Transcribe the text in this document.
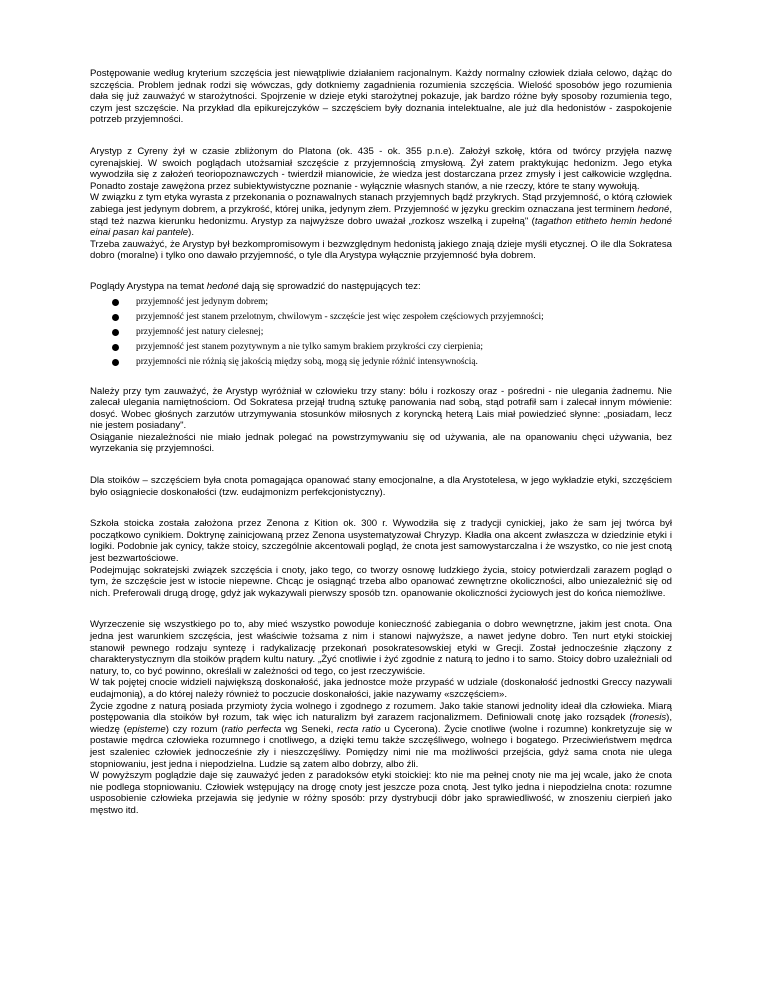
Postępowanie według kryterium szczęścia jest niewątpliwie działaniem racjonalnym. Każdy normalny człowiek działa celowo, dążąc do szczęścia. Problem jednak rodzi się wówczas, gdy dotkniemy zagadnienia rozumienia szczęścia. Wielość sposobów jego rozumienia dała się już zauważyć w starożytności. Spojrzenie w dzieje etyki starożytnej pokazuje, jak bardzo różne były sposoby rozumienia tego, czym jest szczęście. Na przykład dla epikurejczyków – szczęściem były doznania intelektualne, ale już dla hedonistów - zaspokojenie potrzeb przyjemności.

Arystyp z Cyreny żył w czasie zbliżonym do Platona (ok. 435 - ok. 355 p.n.e). Założył szkołę, która od twórcy przyjęła nazwę cyrenajskiej. W swoich poglądach utożsamiał szczęście z przyjemnością zmysłową. Żył zatem praktykując hedonizm. Jego etyka wywodziła się z założeń teoriopoznawczych - twierdził mianowicie, że wiedza jest dostarczana przez zmysły i jest całkowicie względna. Ponadto zostaje zawężona przez subiektywistyczne poznanie - wyłącznie własnych stanów, a nie rzeczy, które te stany wywołują.

W związku z tym etyka wyrasta z przekonania o poznawalnych stanach przyjemnych bądź przykrych. Stąd przyjemność, o którą człowiek zabiega jest jedynym dobrem, a przykrość, której unika, jedynym złem. Przyjemność w języku greckim oznaczana jest terminem hedoné, stąd też nazwa kierunku hedonizmu. Arystyp za najwyższe dobro uważał „rozkosz wszelką i zupełną" (tagathon etitheto hemin hedoné einai pasan kai pantele).

Trzeba zauważyć, że Arystyp był bezkompromisowym i bezwzględnym hedonistą jakiego znają dzieje myśli etycznej. O ile dla Sokratesa dobro (moralne) i tylko ono dawało przyjemność, o tyle dla Arystypa wyłącznie przyjemność była dobrem.

Poglądy Arystypa na temat hedoné dają się sprowadzić do następujących tez:

przyjemność jest jedynym dobrem;
przyjemność jest stanem przelotnym, chwilowym - szczęście jest więc zespołem częściowych przyjemności;
przyjemność jest natury cielesnej;
przyjemność jest stanem pozytywnym a nie tylko samym brakiem przykrości czy cierpienia;
przyjemności nie różnią się jakością między sobą, mogą się jedynie różnić intensywnością.

Należy przy tym zauważyć, że Arystyp wyróżniał w człowieku trzy stany: bólu i rozkoszy oraz - pośredni - nie ulegania żadnemu. Nie zalecał ulegania namiętnościom. Od Sokratesa przejął trudną sztukę panowania nad sobą, stąd potrafił sam i zalecał innym mówienie: dosyć. Wobec głośnych zarzutów utrzymywania stosunków miłosnych z koryncką heterą Lais miał powiedzieć słynne: „posiadam, lecz nie jestem posiadany".

Osiąganie niezależności nie miało jednak polegać na powstrzymywaniu się od używania, ale na opanowaniu chęci używania, bez wyrzekania się przyjemności.

Dla stoików – szczęściem była cnota pomagająca opanować stany emocjonalne, a dla Arystotelesa, w jego wykładzie etyki, szczęściem było osiągniecie doskonałości (tzw. eudajmonizm perfekcjonistyczny).

Szkoła stoicka została założona przez Zenona z Kition ok. 300 r. Wywodziła się z tradycji cynickiej, jako że sam jej twórca był początkowo cynikiem. Doktrynę zainicjowaną przez Zenona usystematyzował Chryzyp. Kładła ona akcent zwłaszcza w dziedzinie etyki i logiki. Podobnie jak cynicy, także stoicy, szczególnie akcentowali pogląd, że cnota jest samowystarczalna i że wszystko, co nie jest cnotą jest bezwartościowe.

Podejmując sokratejski związek szczęścia i cnoty, jako tego, co tworzy osnowę ludzkiego życia, stoicy potwierdzali zarazem pogląd o tym, że szczęście jest w istocie niepewne. Chcąc je osiągnąć trzeba albo opanować zewnętrzne okoliczności, albo uniezależnić się od nich. Preferowali drugą drogę, gdyż jak wykazywali pierwszy sposób tzn. opanowanie okoliczności życiowych jest do końca niemożliwe.

Wyrzeczenie się wszystkiego po to, aby mieć wszystko powoduje konieczność zabiegania o dobro wewnętrzne, jakim jest cnota. Ona jedna jest warunkiem szczęścia, jest właściwie tożsama z nim i stanowi najwyższe, a nawet jedyne dobro. Ten nurt etyki stoickiej stanowił pewnego rodzaju syntezę i radykalizację przekonań posokratesowskiej etyki w Grecji. Został jednocześnie złączony z charakterystycznym dla stoików prądem kultu natury. „Żyć cnotliwie i żyć zgodnie z naturą to jedno i to samo. Stoicy dobro uzależniali od natury, to, co być powinno, określali w zależności od tego, co jest rzeczywiście.

W tak pojętej cnocie widzieli największą doskonałość, jaka jednostce może przypaść w udziale (doskonałość jednostki Greccy nazywali eudajmonią), a do której należy również to poczucie doskonałości, jakie nazywamy «szczęściem».

Życie zgodne z naturą posiada przymioty życia wolnego i zgodnego z rozumem. Jako takie stanowi jednolity ideał dla człowieka. Miarą postępowania dla stoików był rozum, tak więc ich naturalizm był zarazem racjonalizmem. Definiowali cnotę jako rozsądek (fronesis), wiedzę (episteme) czy rozum (ratio perfecta wg Seneki, recta ratio u Cycerona). Życie cnotliwe (wolne i rozumne) konkretyzuje się w postawie mędrca człowieka rozumnego i cnotliwego, a dzięki temu także szczęśliwego, wolnego i bogatego. Przeciwieństwem mędrca jest szaleniec człowiek jednocześnie zły i nieszczęśliwy. Pomiędzy nimi nie ma możliwości przejścia, gdyż sama cnota nie ulega stopniowaniu, jest jedna i niepodzielna. Ludzie są zatem albo dobrzy, albo źli.

W powyższym poglądzie daje się zauważyć jeden z paradoksów etyki stoickiej: kto nie ma pełnej cnoty nie ma jej wcale, jako że cnota nie podlega stopniowaniu. Człowiek wstępujący na drogę cnoty jest jeszcze poza cnotą. Jest tylko jedna i niepodzielna cnota: rozumne usposobienie człowieka przejawia się jedynie w różny sposób: przy dystrybucji dóbr jako sprawiedliwość, w znoszeniu cierpień jako męstwo itd.
